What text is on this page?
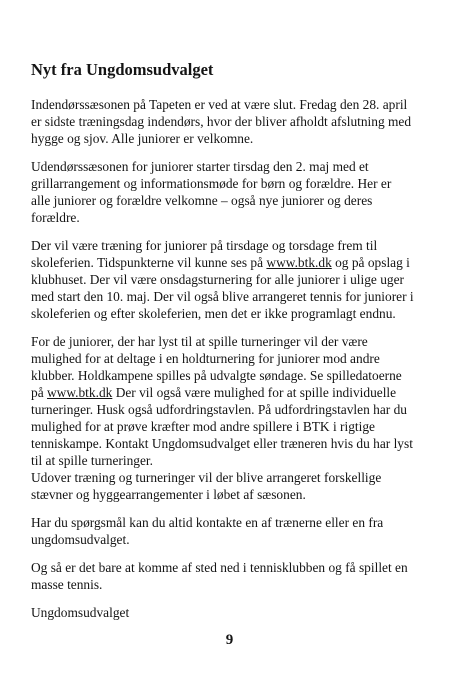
Nyt fra Ungdomsudvalget

Indendørssæsonen på Tapeten er ved at være slut. Fredag den 28. april

er sidste træningsdag indendørs, hvor der bliver afholdt afslutning med

hygge og sjov. Alle juniorer er velkomne.

Udendørssæsonen for juniorer starter tirsdag den 2. maj med et

grillarrangement og informationsmøde for børn og forældre. Her er

alle juniorer og forældre velkomne – også nye juniorer og deres

forældre.

Der vil være træning for juniorer på tirsdage og torsdage frem til

skoleferien. Tidspunkterne vil kunne ses på www.btk.dk og på opslag i

klubhuset. Der vil være onsdagsturnering for alle juniorer i ulige uger

med start den 10. maj. Der vil også blive arrangeret tennis for juniorer i

skoleferien og efter skoleferien, men det er ikke programlagt endnu.

For de juniorer, der har lyst til at spille turneringer vil der være

mulighed for at deltage i en holdturnering for juniorer mod andre

klubber. Holdkampene spilles på udvalgte søndage. Se spilledatoerne

på www.btk.dk Der vil også være mulighed for at spille individuelle

turneringer. Husk også udfordringstavlen. På udfordringstavlen har du

mulighed for at prøve kræfter mod andre spillere i BTK i rigtige

tenniskampe. Kontakt Ungdomsudvalget eller træneren hvis du har lyst

til at spille turneringer.

Udover træning og turneringer vil der blive arrangeret forskellige

stævner og hyggearrangementer i løbet af sæsonen.

Har du spørgsmål kan du altid kontakte en af trænerne eller en fra

ungdomsudvalget.

Og så er det bare at komme af sted ned i tennisklubben og få spillet en

masse tennis.

Ungdomsudvalget

9
